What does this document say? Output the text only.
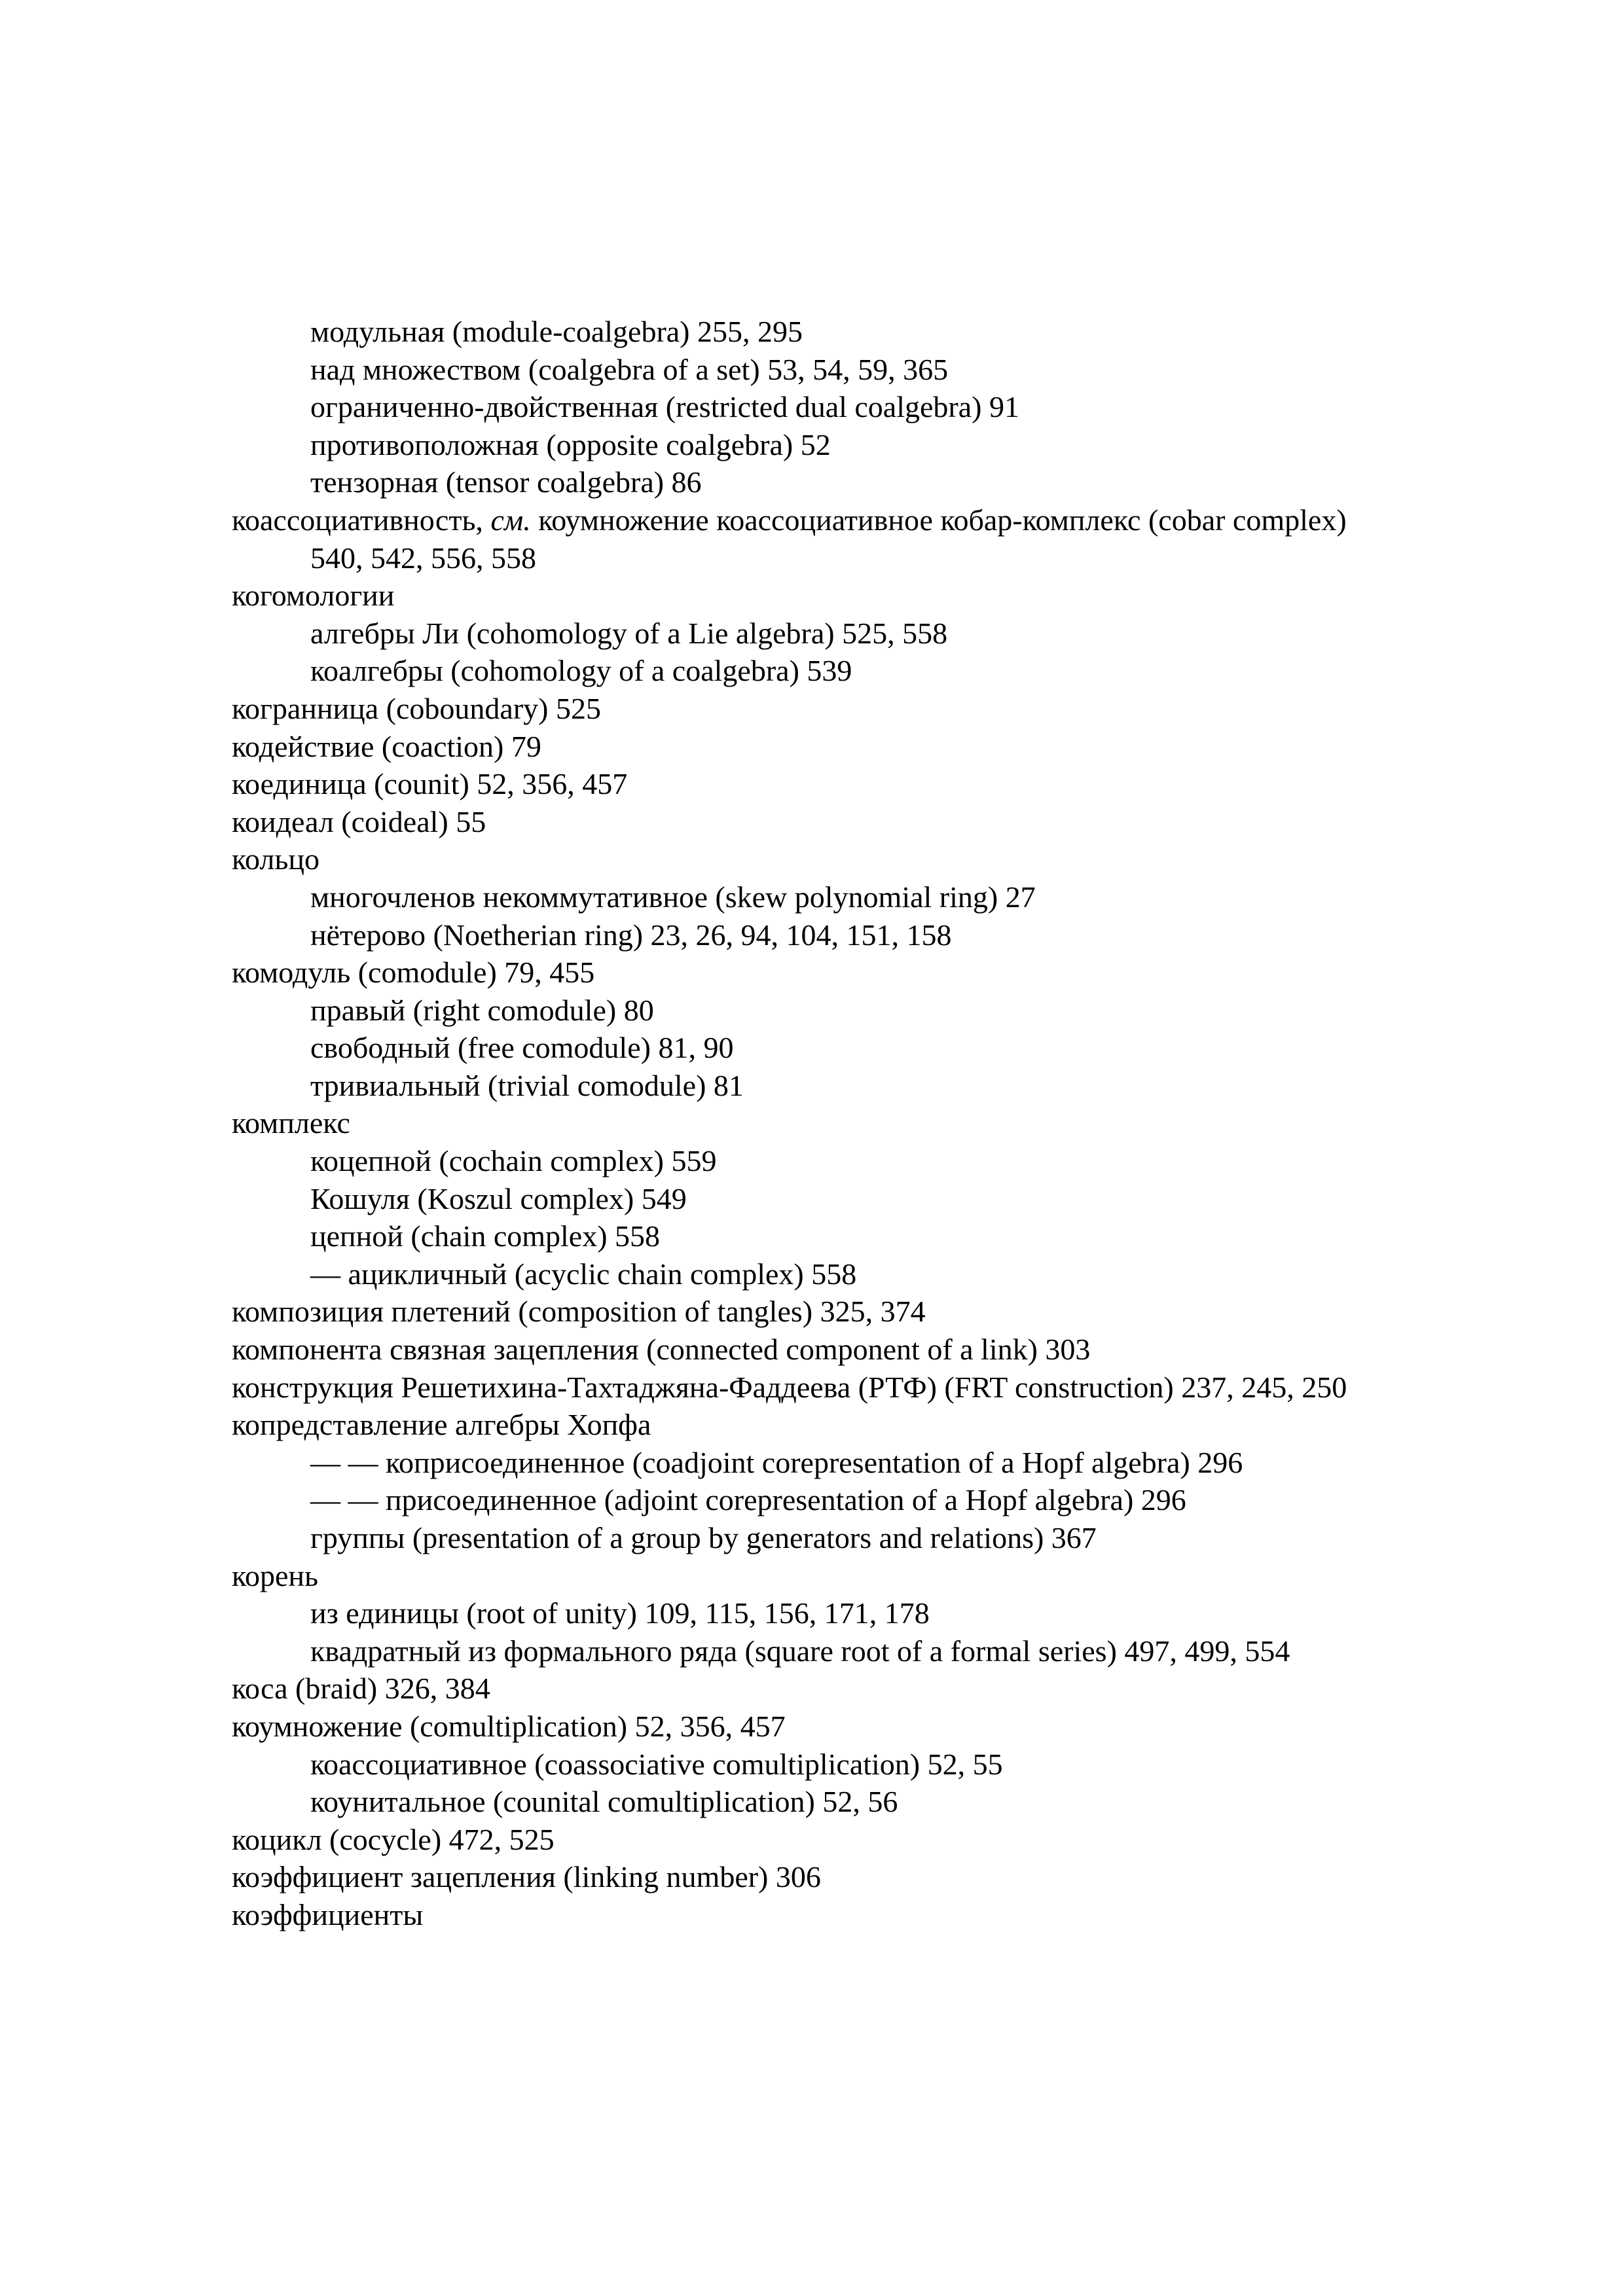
модульная (module-coalgebra) 255, 295

над множеством (coalgebra of a set) 53, 54, 59, 365

ограниченно-двойственная (restricted dual coalgebra) 91

противоположная (opposite coalgebra) 52

тензорная (tensor coalgebra) 86

коассоциативность, см. коумножение коассоциативное кобар-комплекс (cobar complex) 540, 542, 556, 558

когомологии

алгебры Ли (cohomology of a Lie algebra) 525, 558

коалгебры (cohomology of a coalgebra) 539

когранница (coboundary) 525

кодействие (coaction) 79

коединица (counit) 52, 356, 457

коидеал (coideal) 55

кольцо

многочленов некоммутативное (skew polynomial ring) 27

нётерово (Noetherian ring) 23, 26, 94, 104, 151, 158

комодуль (comodule) 79, 455

правый (right comodule) 80

свободный (free comodule) 81, 90

тривиальный (trivial comodule) 81

комплекс

коцепной (cochain complex) 559

Кошуля (Koszul complex) 549

цепной (chain complex) 558

— ацикличный (acyclic chain complex) 558

композиция плетений (composition of tangles) 325, 374

компонента связная зацепления (connected component of a link) 303

конструкция Решетихина-Тахтаджяна-Фаддеева (РТФ) (FRT construction) 237, 245, 250

копредставление алгебры Хопфа

— — коприсоединенное (coadjoint corepresentation of a Hopf algebra) 296

— — присоединенное (adjoint corepresentation of a Hopf algebra) 296

группы (presentation of a group by generators and relations) 367

корень

из единицы (root of unity) 109, 115, 156, 171, 178

квадратный из формального ряда (square root of a formal series) 497, 499, 554

коса (braid) 326, 384

коумножение (comultiplication) 52, 356, 457

коассоциативное (coassociative comultiplication) 52, 55

коунитальное (counital comultiplication) 52, 56

коцикл (cocycle) 472, 525

коэффициент зацепления (linking number) 306

коэффициенты
